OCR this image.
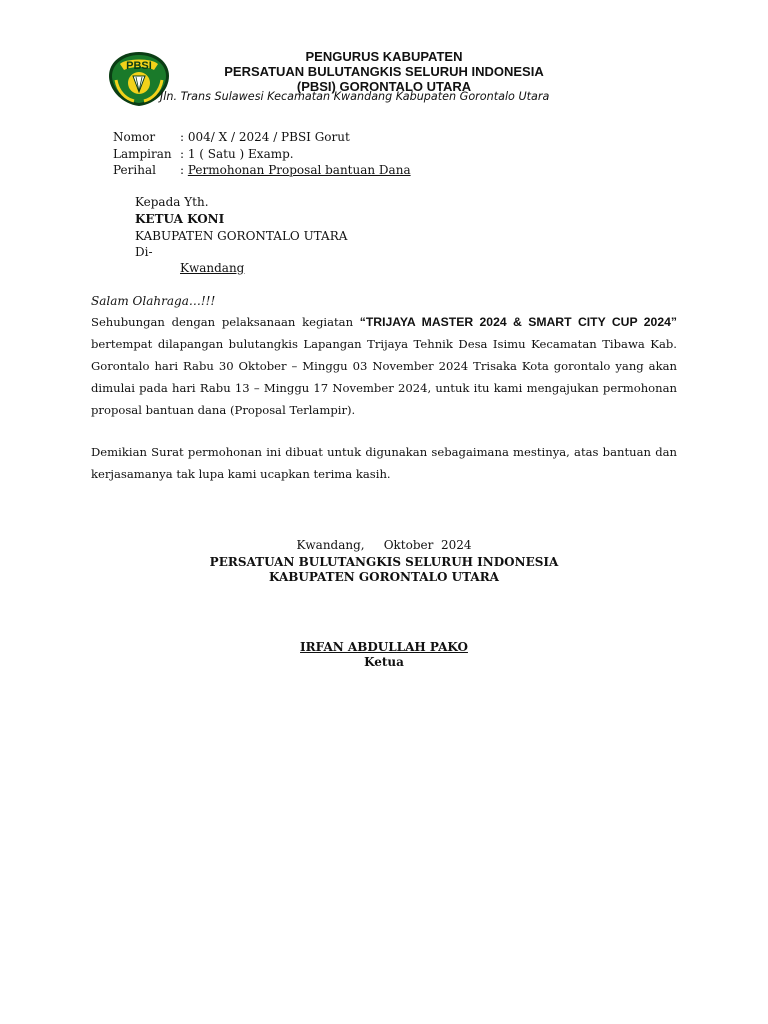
PBSI
PENGURUS KABUPATEN
PERSATUAN BULUTANGKIS SELURUH INDONESIA
(PBSI) GORONTALO UTARA
Jln. Trans Sulawesi Kecamatan Kwandang Kabupaten Gorontalo Utara
Nomor : 004/ X / 2024 / PBSI Gorut
Lampiran : 1 ( Satu ) Examp.
Perihal : Permohonan Proposal bantuan Dana
Kepada Yth.
KETUA KONI
KABUPATEN GORONTALO UTARA
Di-
Kwandang
Salam Olahraga…!!!
Sehubungan dengan pelaksanaan kegiatan “TRIJAYA MASTER 2024 & SMART CITY CUP 2024” bertempat dilapangan bulutangkis Lapangan Trijaya Tehnik Desa Isimu Kecamatan Tibawa Kab. Gorontalo hari Rabu 30 Oktober – Minggu 03 November 2024 Trisaka Kota gorontalo yang akan dimulai pada hari Rabu 13 – Minggu 17 November 2024, untuk itu kami mengajukan permohonan proposal bantuan dana (Proposal Terlampir).
Demikian Surat permohonan ini dibuat untuk digunakan sebagaimana mestinya, atas bantuan dan kerjasamanya tak lupa kami ucapkan terima kasih.
Kwandang,     Oktober  2024
PERSATUAN BULUTANGKIS SELURUH INDONESIA
KABUPATEN GORONTALO UTARA
IRFAN ABDULLAH PAKO
Ketua
